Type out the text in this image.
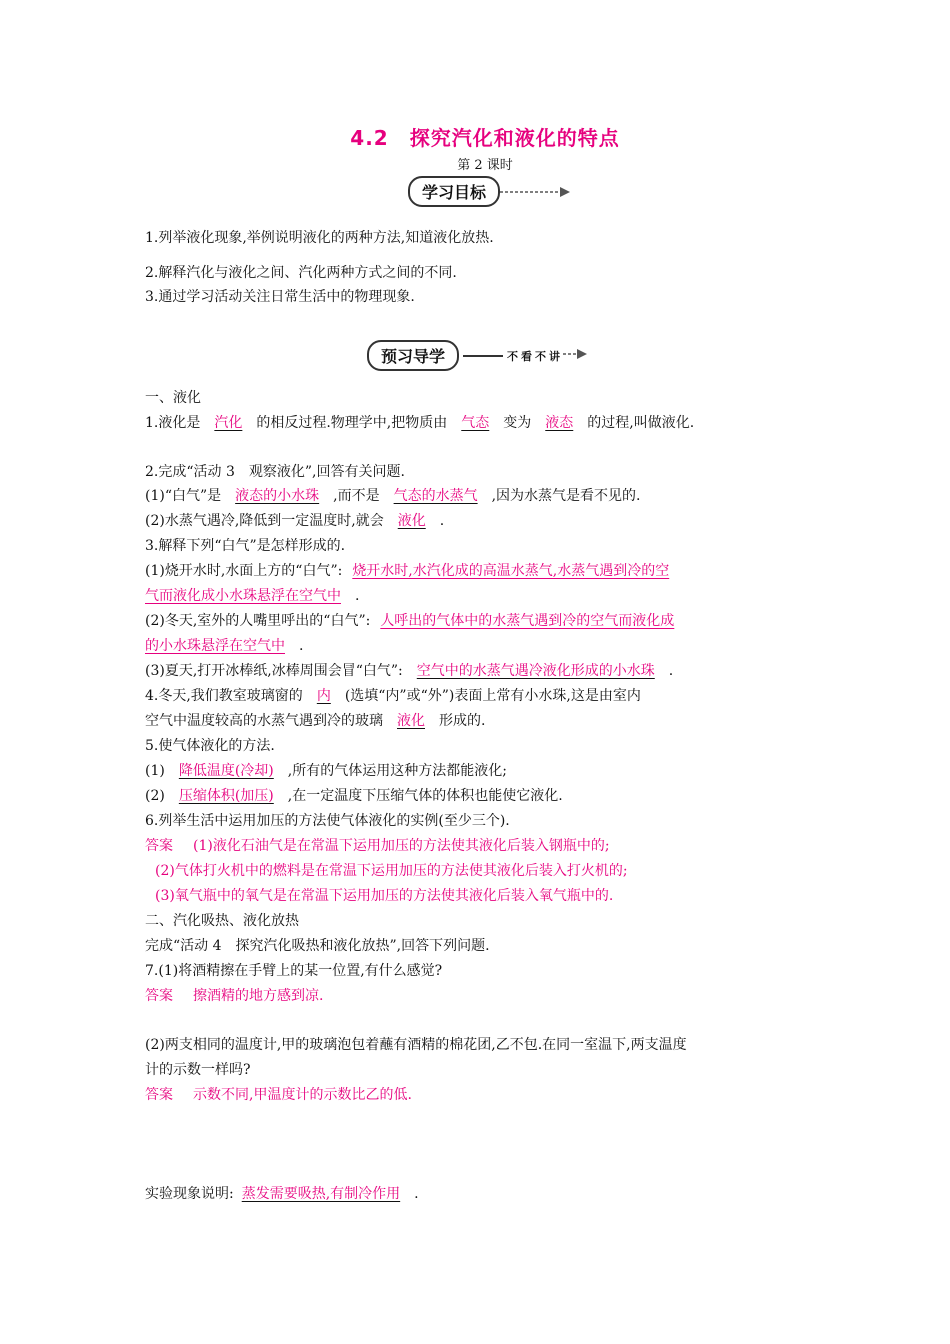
4.2　探究汽化和液化的特点
第 2 课时
学习目标
1.列举液化现象,举例说明液化的两种方法,知道液化放热.
2.解释汽化与液化之间、汽化两种方式之间的不同.
3.通过学习活动关注日常生活中的物理现象.
预习导学	不看不讲
一、液化
1.液化是 汽化 的相反过程.物理学中,把物质由 气态 变为 液态 的过程,叫做液化.
2.完成“活动 3　观察液化”,回答有关问题.
(1)“白气”是 液态的小水珠 ,而不是 气态的水蒸气 ,因为水蒸气是看不见的.
(2)水蒸气遇冷,降低到一定温度时,就会 液化 .
3.解释下列“白气”是怎样形成的.
(1)烧开水时,水面上方的“白气”: 烧开水时,水汽化成的高温水蒸气,水蒸气遇到冷的空
气而液化成小水珠悬浮在空气中 .
(2)冬天,室外的人嘴里呼出的“白气”: 人呼出的气体中的水蒸气遇到冷的空气而液化成
的小水珠悬浮在空气中 .
(3)夏天,打开冰棒纸,冰棒周围会冒“白气”: 空气中的水蒸气遇冷液化形成的小水珠 .
4.冬天,我们教室玻璃窗的 内 (选填“内”或“外”)表面上常有小水珠,这是由室内
空气中温度较高的水蒸气遇到冷的玻璃 液化 形成的.
5.使气体液化的方法.
(1) 降低温度(冷却) ,所有的气体运用这种方法都能液化;
(2) 压缩体积(加压) ,在一定温度下压缩气体的体积也能使它液化.
6.列举生活中运用加压的方法使气体液化的实例(至少三个).
答案 (1)液化石油气是在常温下运用加压的方法使其液化后装入钢瓶中的;
(2)气体打火机中的燃料是在常温下运用加压的方法使其液化后装入打火机的;
(3)氧气瓶中的氧气是在常温下运用加压的方法使其液化后装入氧气瓶中的.
二、汽化吸热、液化放热
完成“活动 4　探究汽化吸热和液化放热”,回答下列问题.
7.(1)将酒精擦在手臂上的某一位置,有什么感觉?
答案 擦酒精的地方感到凉.
(2)两支相同的温度计,甲的玻璃泡包着蘸有酒精的棉花团,乙不包.在同一室温下,两支温度
计的示数一样吗?
答案 示数不同,甲温度计的示数比乙的低.
实验现象说明: 蒸发需要吸热,有制冷作用 .
